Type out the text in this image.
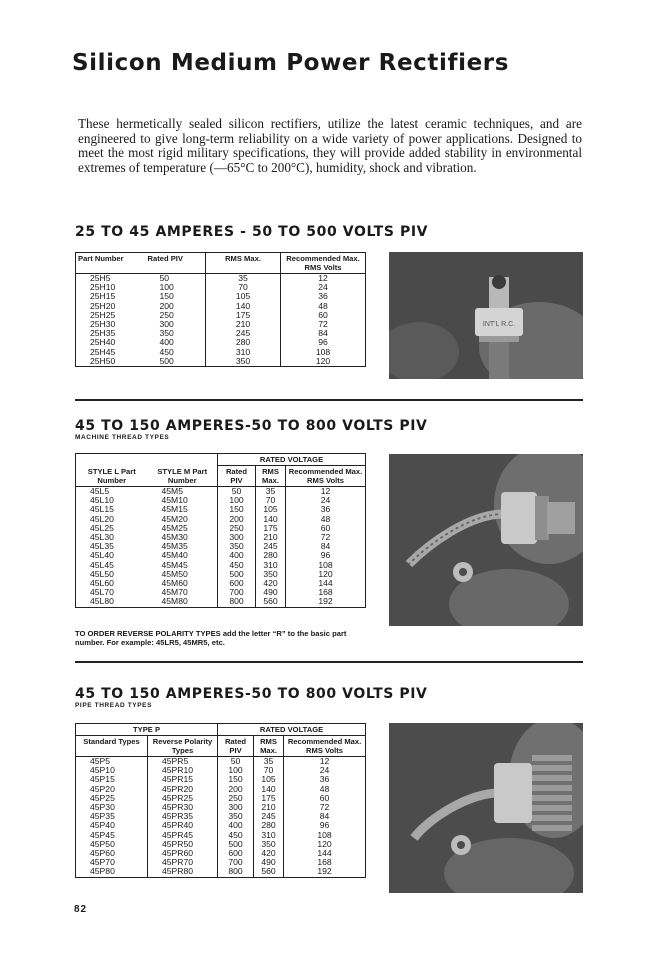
Silicon Medium Power Rectifiers

These hermetically sealed silicon rectifiers, utilize the latest ceramic techniques, and are engineered to give long-term reliability on a wide variety of power applications. Designed to meet the most rigid military specifications, they will provide added stability in environmental extremes of temperature (—65°C to 200°C), humidity, shock and vibration.

25 TO 45 AMPERES - 50 TO 500 VOLTS PIV
Part Number	Rated PIV	RMS Max.	Recommended Max. RMS Volts
25H5	50	35	12
25H10	100	70	24
25H15	150	105	36
25H20	200	140	48
25H25	250	175	60
25H30	300	210	72
25H35	350	245	84
25H40	400	280	96
25H45	450	310	108
25H50	500	350	120
INT'L R.C.
45 TO 150 AMPERES-50 TO 800 VOLTS PIV
MACHINE THREAD TYPES
		RATED VOLTAGE		
STYLE L Part Number	STYLE M Part Number	Rated PIV	RMS Max.	Recommended Max. RMS Volts
45L5	45M5	50	35	12
45L10	45M10	100	70	24
45L15	45M15	150	105	36
45L20	45M20	200	140	48
45L25	45M25	250	175	60
45L30	45M30	300	210	72
45L35	45M35	350	245	84
45L40	45M40	400	280	96
45L45	45M45	450	310	108
45L50	45M50	500	350	120
45L60	45M60	600	420	144
45L70	45M70	700	490	168
45L80	45M80	800	560	192
TO ORDER REVERSE POLARITY TYPES add the letter “R” to the basic part number. For example: 45LR5, 45MR5, etc.
45 TO 150 AMPERES-50 TO 800 VOLTS PIV
PIPE THREAD TYPES
TYPE P		RATED VOLTAGE		
Standard Types	Reverse Polarity Types	Rated PIV	RMS Max.	Recommended Max. RMS Volts
45P5	45PR5	50	35	12
45P10	45PR10	100	70	24
45P15	45PR15	150	105	36
45P20	45PR20	200	140	48
45P25	45PR25	250	175	60
45P30	45PR30	300	210	72
45P35	45PR35	350	245	84
45P40	45PR40	400	280	96
45P45	45PR45	450	310	108
45P50	45PR50	500	350	120
45P60	45PR60	600	420	144
45P70	45PR70	700	490	168
45P80	45PR80	800	560	192
82
